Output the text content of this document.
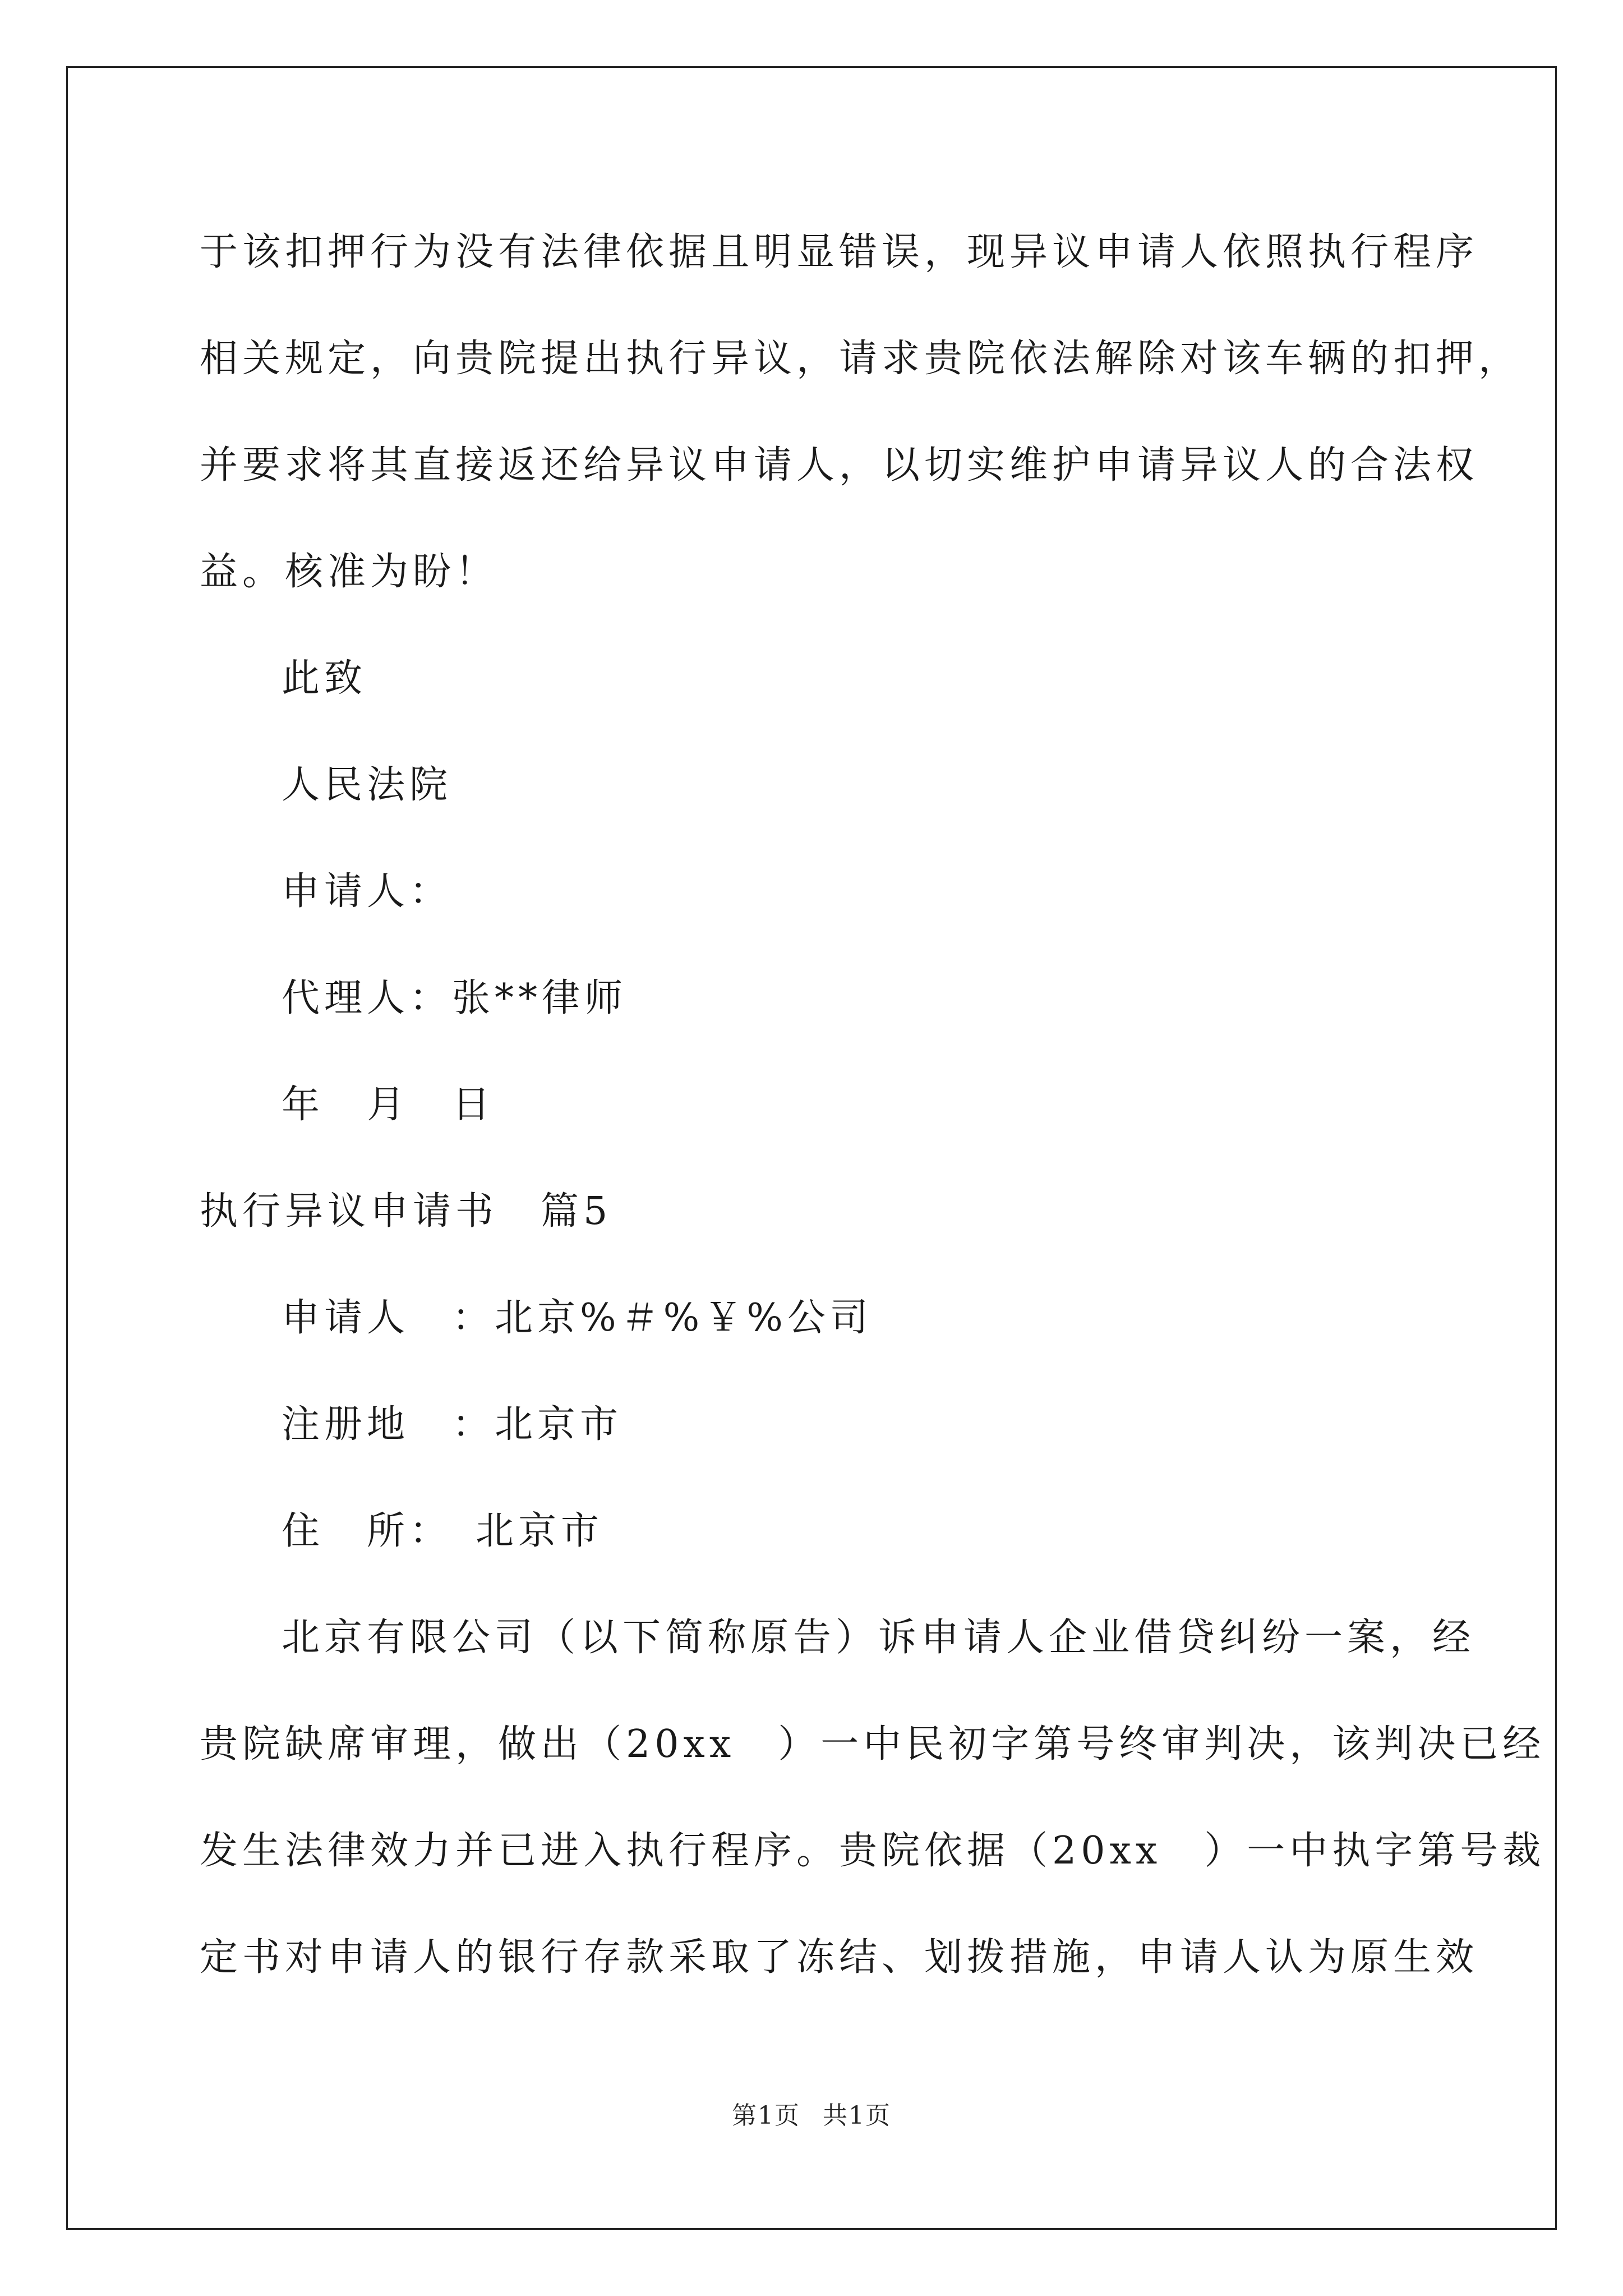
于该扣押行为没有法律依据且明显错误，现异议申请人依照执行程序
相关规定，向贵院提出执行异议，请求贵院依法解除对该车辆的扣押，
并要求将其直接返还给异议申请人，以切实维护申请异议人的合法权
益。核准为盼！
此致
人民法院
申请人：
代理人：张**律师
年　月　日
执行异议申请书　篇5
申请人　：北京%＃%￥%公司
注册地　：北京市
住　所：　北京市
北京有限公司（以下简称原告）诉申请人企业借贷纠纷一案，经
贵院缺席审理，做出（20xx　）一中民初字第号终审判决，该判决已经
发生法律效力并已进入执行程序。贵院依据（20xx　）一中执字第号裁
定书对申请人的银行存款采取了冻结、划拨措施，申请人认为原生效
第1页 共1页
